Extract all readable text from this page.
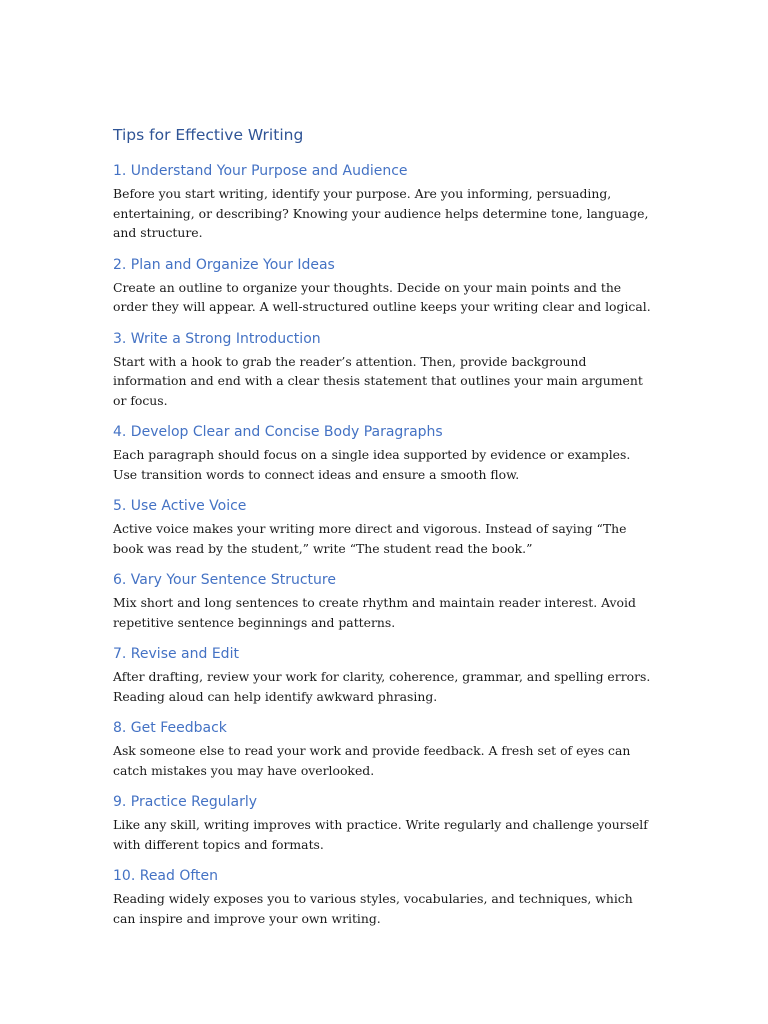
Tips for Effective Writing
1. Understand Your Purpose and Audience

Before you start writing, identify your purpose. Are you informing, persuading, entertaining, or describing? Knowing your audience helps determine tone, language, and structure.

2. Plan and Organize Your Ideas

Create an outline to organize your thoughts. Decide on your main points and the order they will appear. A well-structured outline keeps your writing clear and logical.

3. Write a Strong Introduction

Start with a hook to grab the reader’s attention. Then, provide background information and end with a clear thesis statement that outlines your main argument or focus.

4. Develop Clear and Concise Body Paragraphs

Each paragraph should focus on a single idea supported by evidence or examples. Use transition words to connect ideas and ensure a smooth flow.

5. Use Active Voice

Active voice makes your writing more direct and vigorous. Instead of saying “The book was read by the student,” write “The student read the book.”

6. Vary Your Sentence Structure

Mix short and long sentences to create rhythm and maintain reader interest. Avoid repetitive sentence beginnings and patterns.

7. Revise and Edit

After drafting, review your work for clarity, coherence, grammar, and spelling errors. Reading aloud can help identify awkward phrasing.

8. Get Feedback

Ask someone else to read your work and provide feedback. A fresh set of eyes can catch mistakes you may have overlooked.

9. Practice Regularly

Like any skill, writing improves with practice. Write regularly and challenge yourself with different topics and formats.

10. Read Often

Reading widely exposes you to various styles, vocabularies, and techniques, which can inspire and improve your own writing.
